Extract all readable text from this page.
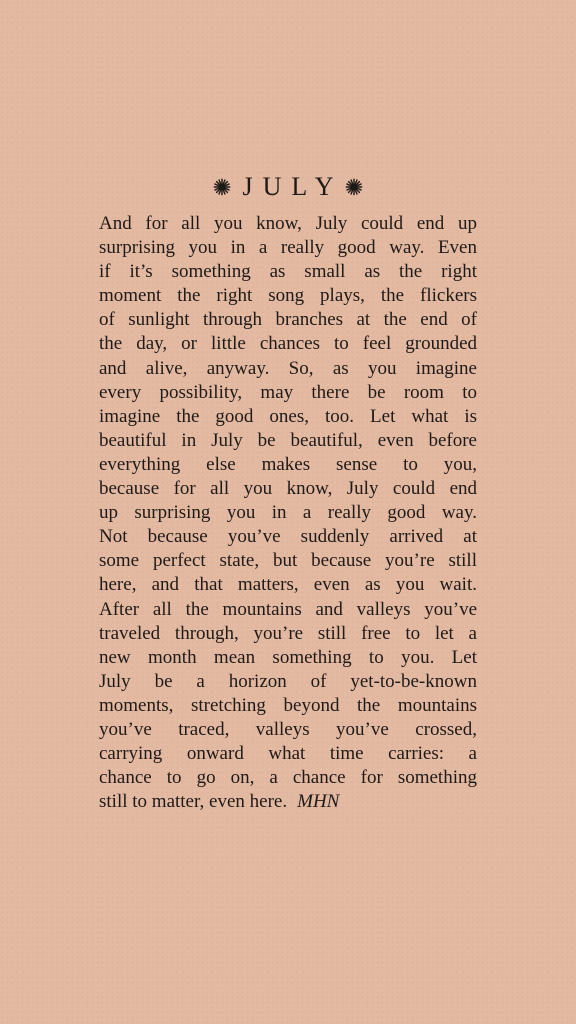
JULY
And for all you know, July could end up
surprising you in a really good way. Even
if it’s something as small as the right
moment the right song plays, the flickers
of sunlight through branches at the end of
the day, or little chances to feel grounded
and alive, anyway. So, as you imagine
every possibility, may there be room to
imagine the good ones, too. Let what is
beautiful in July be beautiful, even before
everything else makes sense to you,
because for all you know, July could end
up surprising you in a really good way.
Not because you’ve suddenly arrived at
some perfect state, but because you’re still
here, and that matters, even as you wait.
After all the mountains and valleys you’ve
traveled through, you’re still free to let a
new month mean something to you. Let
July be a horizon of yet-to-be-known
moments, stretching beyond the mountains
you’ve traced, valleys you’ve crossed,
carrying onward what time carries: a
chance to go on, a chance for something
still to matter, even here. MHN
